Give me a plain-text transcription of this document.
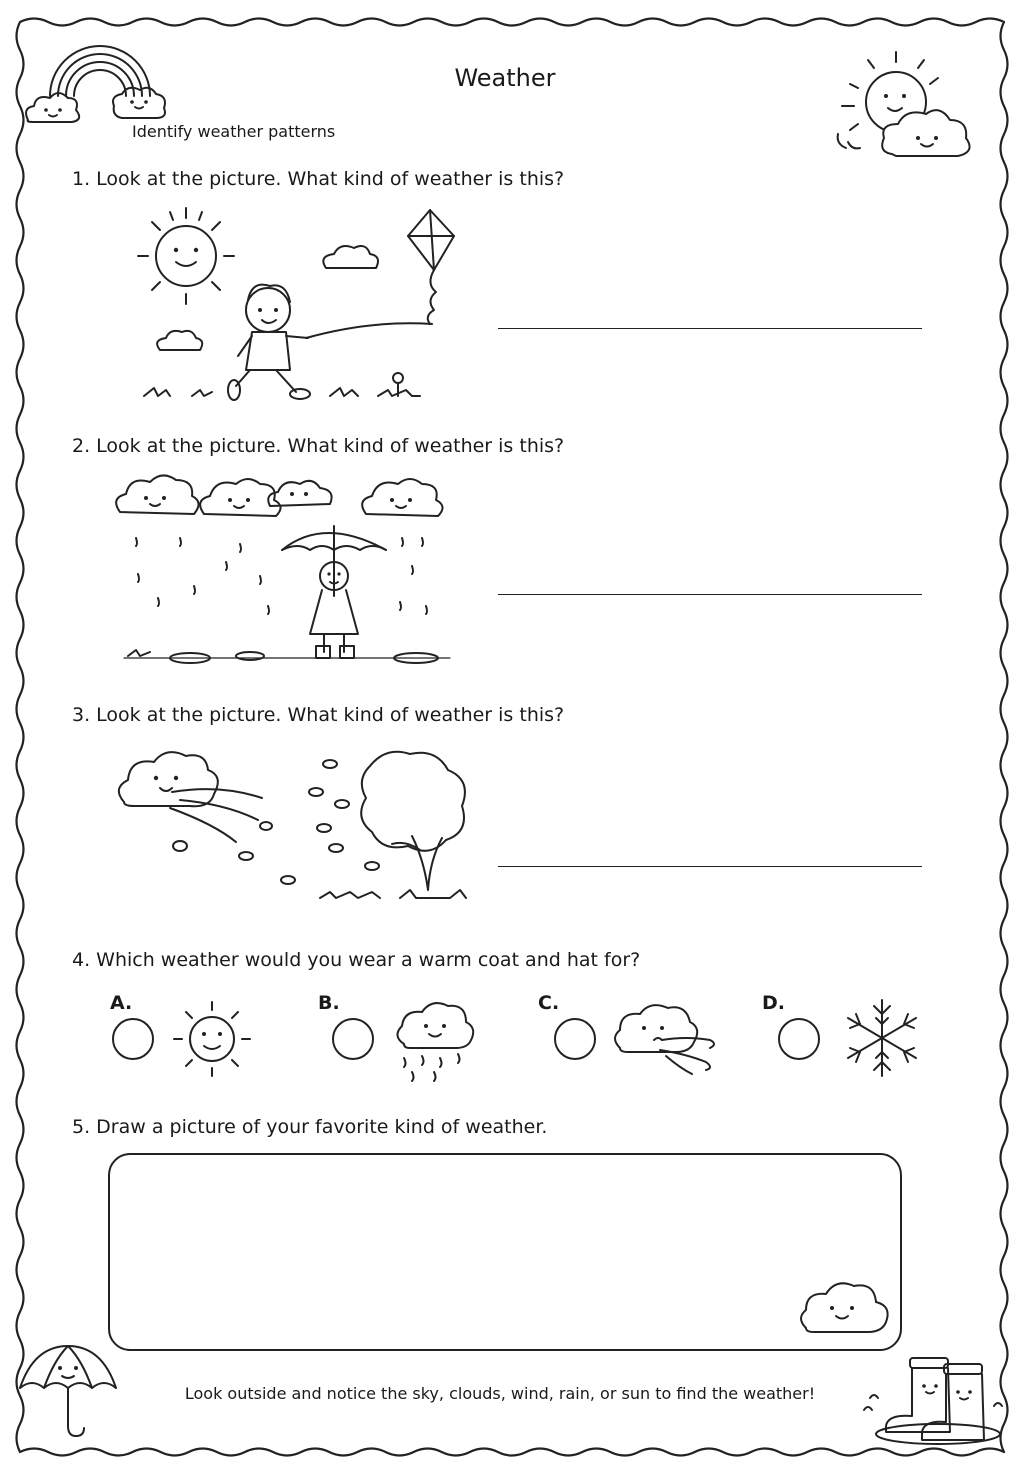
Weather
Identify weather patterns
1. Look at the picture. What kind of weather is this?
2. Look at the picture. What kind of weather is this?
3. Look at the picture. What kind of weather is this?
4. Which weather would you wear a warm coat and hat for?
A.	B.	C.	D.
5. Draw a picture of your favorite kind of weather.
Look outside and notice the sky, clouds, wind, rain, or sun to find the weather!
